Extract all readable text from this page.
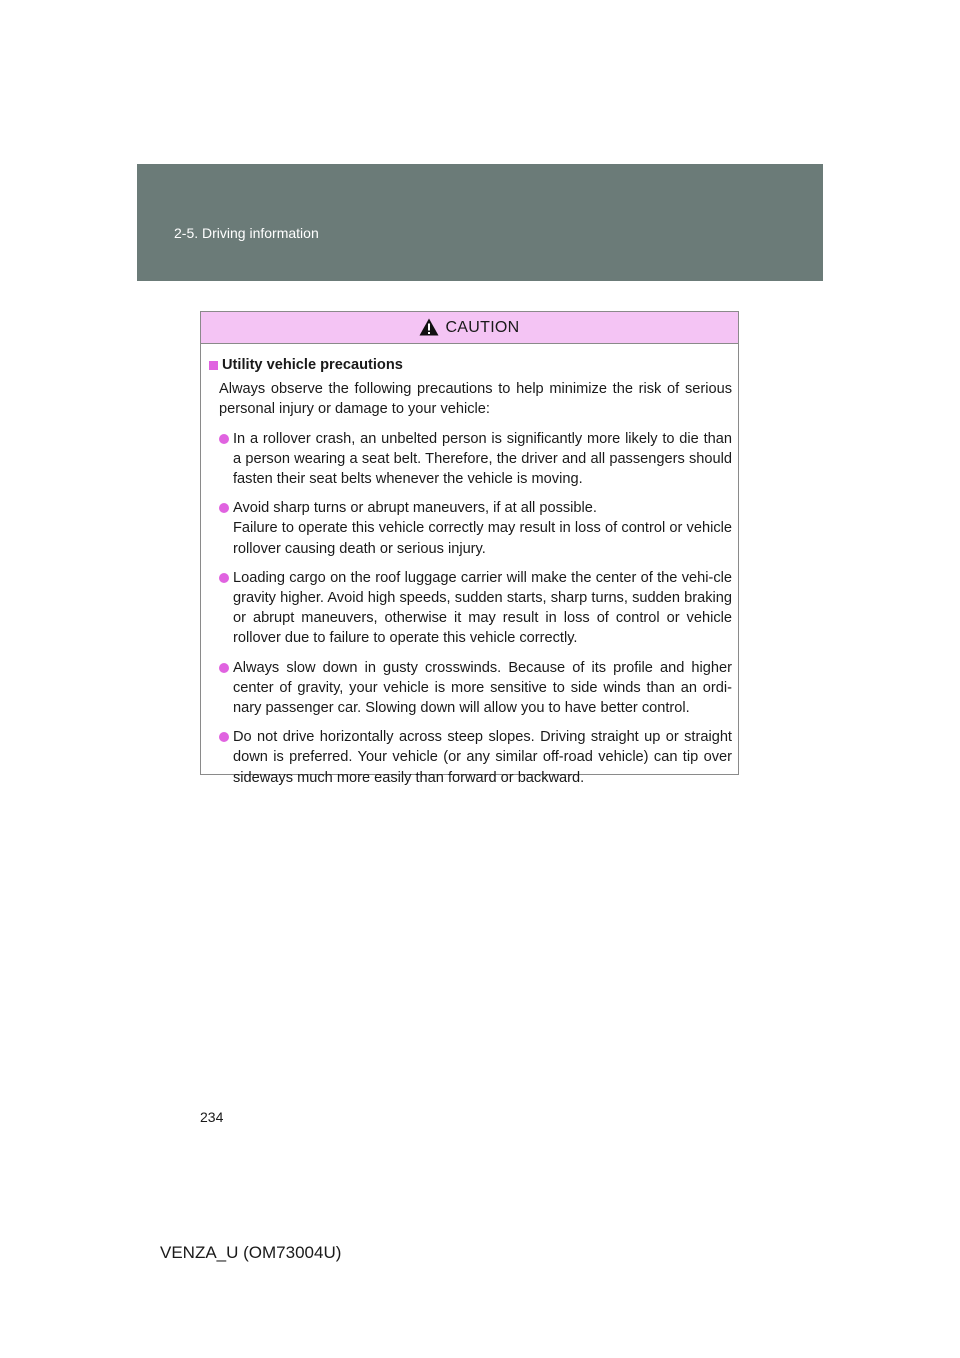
2-5. Driving information
CAUTION
Utility vehicle precautions
Always observe the following precautions to help minimize the risk of serious personal injury or damage to your vehicle:
In a rollover crash, an unbelted person is significantly more likely to die than a person wearing a seat belt. Therefore, the driver and all passengers should fasten their seat belts whenever the vehicle is moving.
Avoid sharp turns or abrupt maneuvers, if at all possible.
Failure to operate this vehicle correctly may result in loss of control or vehicle rollover causing death or serious injury.
Loading cargo on the roof luggage carrier will make the center of the vehi-cle gravity higher. Avoid high speeds, sudden starts, sharp turns, sudden braking or abrupt maneuvers, otherwise it may result in loss of control or vehicle rollover due to failure to operate this vehicle correctly.
Always slow down in gusty crosswinds. Because of its profile and higher center of gravity, your vehicle is more sensitive to side winds than an ordi-nary passenger car. Slowing down will allow you to have better control.
Do not drive horizontally across steep slopes. Driving straight up or straight down is preferred. Your vehicle (or any similar off-road vehicle) can tip over sideways much more easily than forward or backward.
234
VENZA_U (OM73004U)
